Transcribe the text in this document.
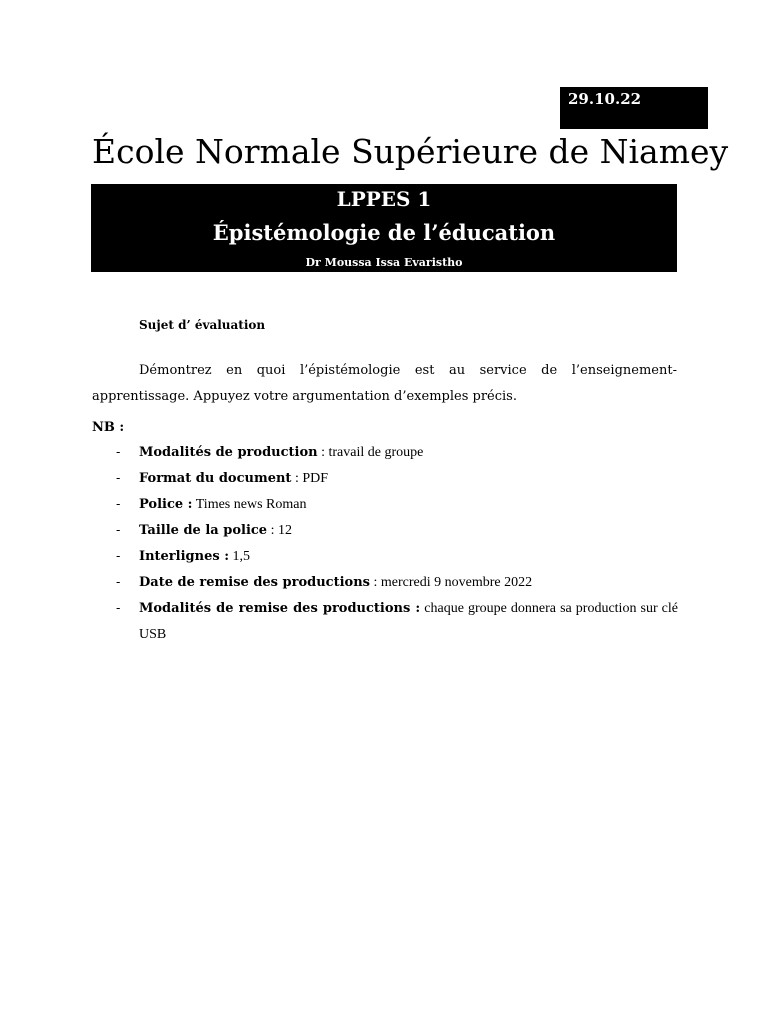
29.10.22
École Normale Supérieure de Niamey
LPPES 1
Épistémologie de l’éducation
Dr Moussa Issa Evaristho
Sujet d’ évaluation
Démontrez en quoi l’épistémologie est au service de l’enseignement-apprentissage. Appuyez votre argumentation d’exemples précis.
NB :
- Modalités de production : travail de groupe
- Format du document : PDF
- Police : Times news Roman
- Taille de la police : 12
- Interlignes : 1,5
- Date de remise des productions : mercredi 9 novembre 2022
- Modalités de remise des productions : chaque groupe donnera sa production sur clé USB
